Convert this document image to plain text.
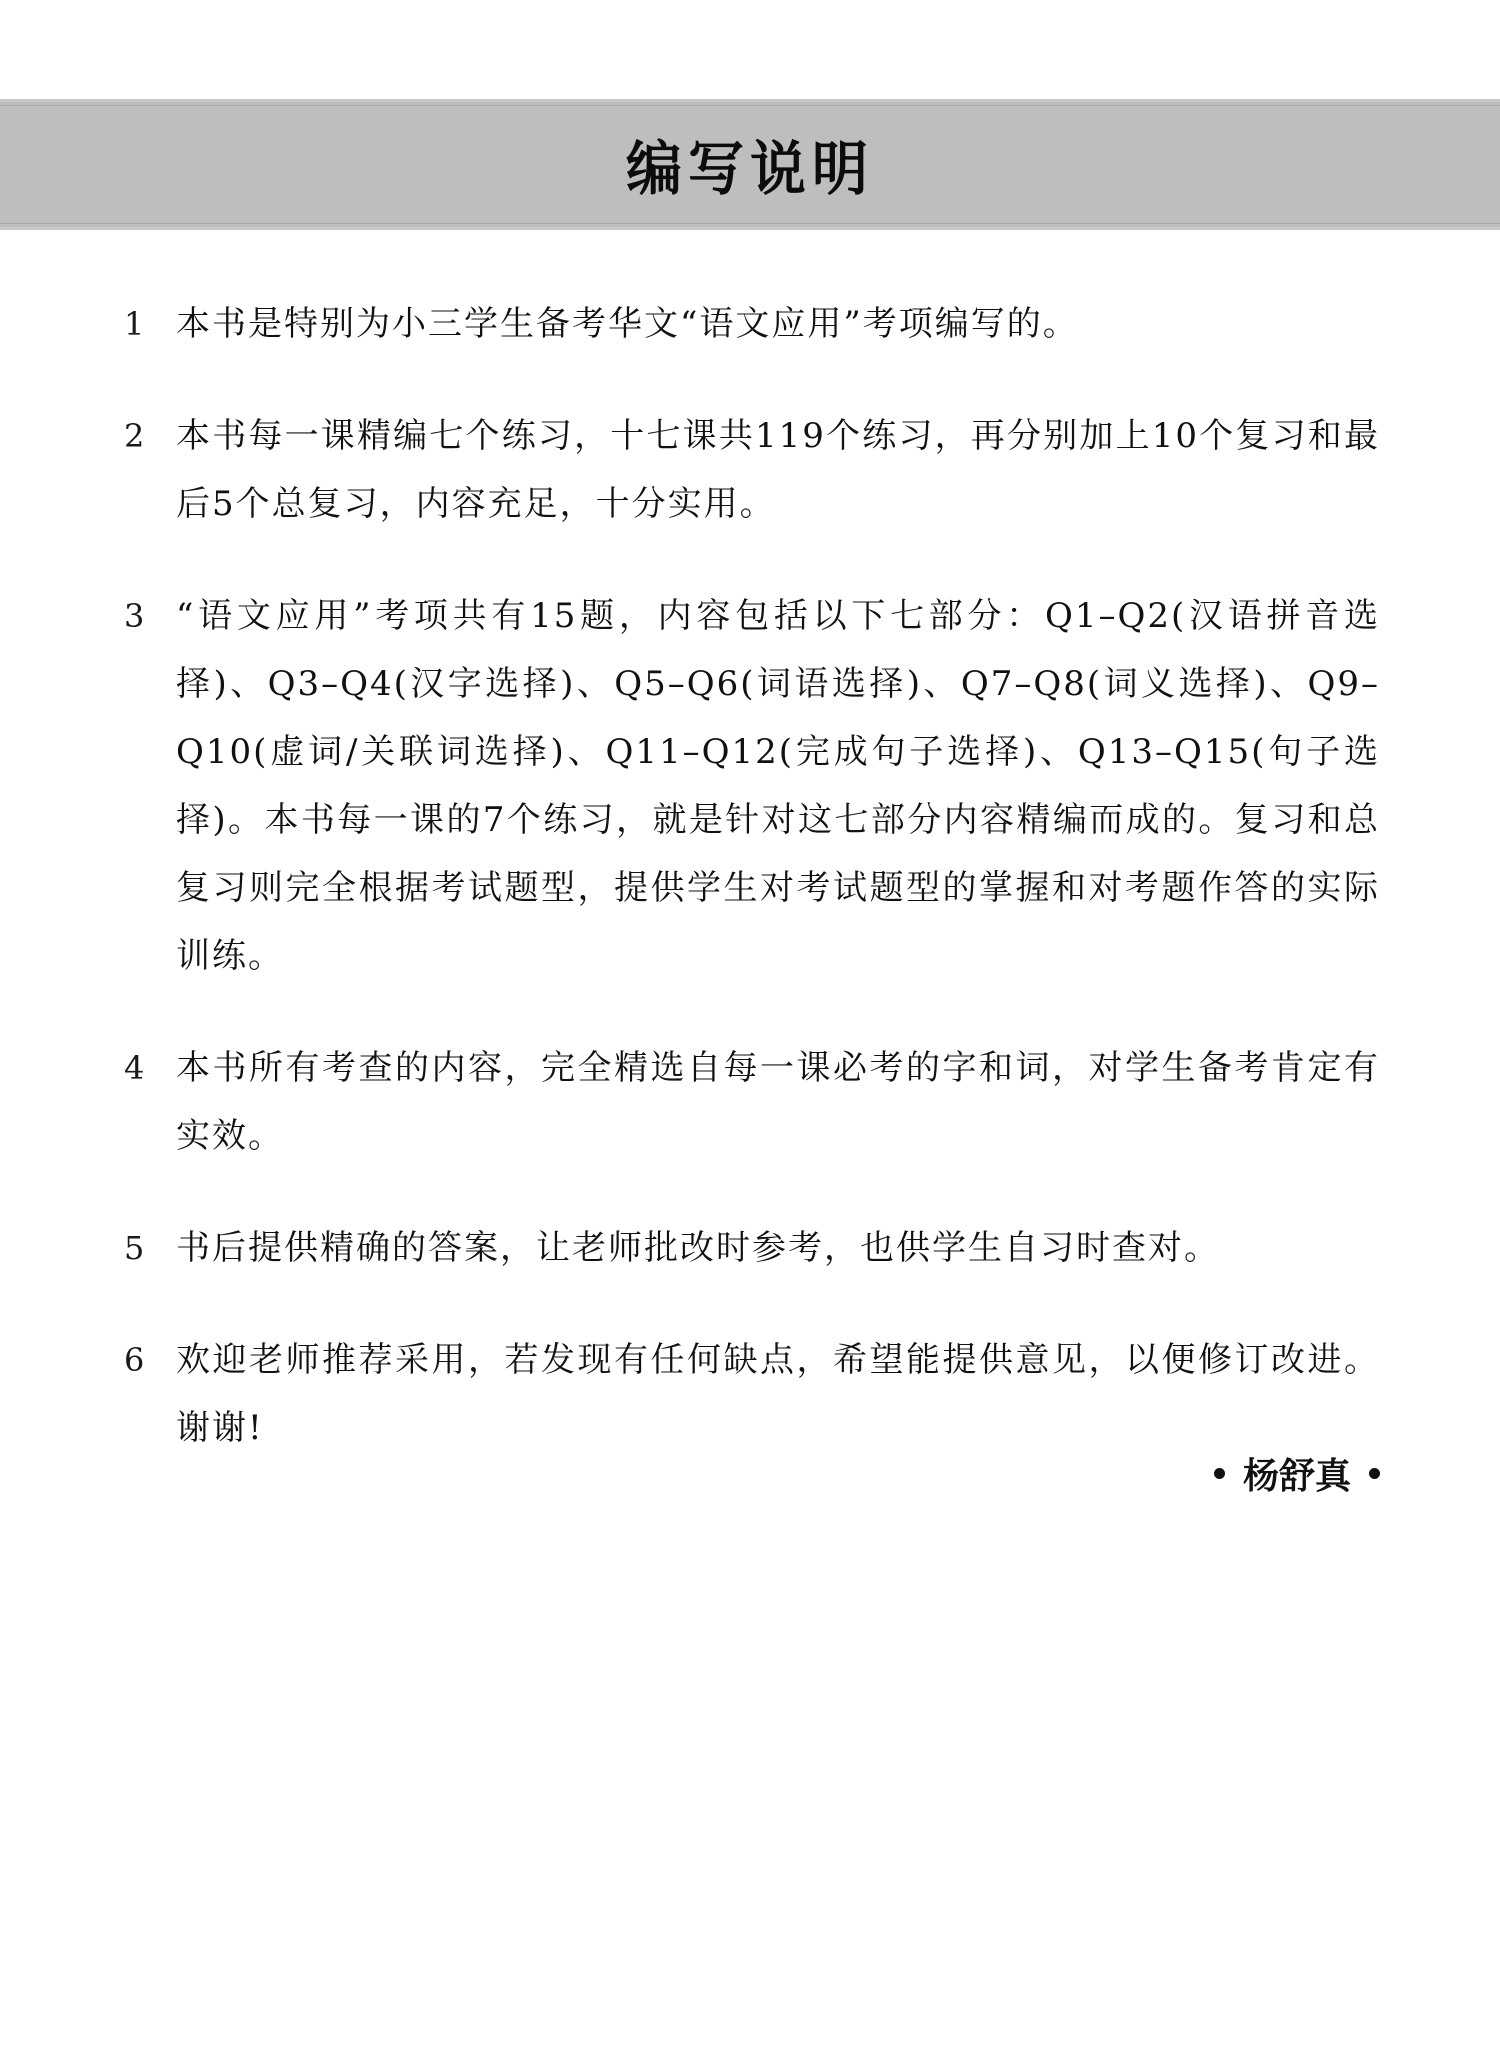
编写说明
1 本书是特别为小三学生备考华文“语文应用”考项编写的。
2 本书每一课精编七个练习，十七课共119个练习，再分别加上10个复习和最后5个总复习，内容充足，十分实用。
3 “语文应用”考项共有15题，内容包括以下七部分：Q1–Q2(汉语拼音选择)、Q3–Q4(汉字选择)、Q5–Q6(词语选择)、Q7–Q8(词义选择)、Q9–Q10(虚词/关联词选择)、Q11–Q12(完成句子选择)、Q13–Q15(句子选择)。本书每一课的7个练习，就是针对这七部分内容精编而成的。复习和总复习则完全根据考试题型，提供学生对考试题型的掌握和对考题作答的实际训练。
4 本书所有考查的内容，完全精选自每一课必考的字和词，对学生备考肯定有实效。
5 书后提供精确的答案，让老师批改时参考，也供学生自习时查对。
6 欢迎老师推荐采用，若发现有任何缺点，希望能提供意见，以便修订改进。谢谢!
杨舒真
